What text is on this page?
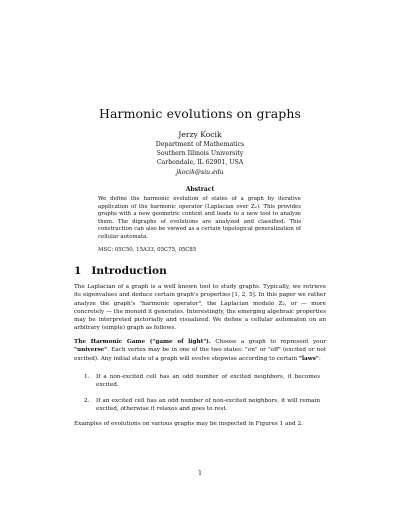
Harmonic evolutions on graphs
Jerzy Kocik
Department of Mathematics
Southern Illinois University
Carbondale, IL 62901, USA
jkocik@siu.edu
Abstract
We define the harmonic evolution of states of a graph by iterative application of the harmonic operator (Laplacian over Z₂). This provides graphs with a new geometric context and leads to a new tool to analyze them. The digraphs of evolutions are analyzed and classified. This construction can also be viewed as a certain topological generalization of cellular automata.
MSC: 05C50, 15A33, 05C75, 05C85
1 Introduction
The Laplacian of a graph is a well known tool to study graphs. Typically, we retrieve its eigenvalues and deduce certain graph's properties [1, 2, 5]. In this paper we rather analyze the graph's "harmonic operator", the Laplacian modulo Z₂, or — more concretely — the monoid it generates. Interestingly, the emerging algebraic properties may be interpreted pictorially and visualized. We define a cellular automaton on an arbitrary (simple) graph as follows.
The Harmonic Game ("game of light"). Choose a graph to represent your "universe". Each vertex may be in one of the two states: "on" or "off" (excited or not excited). Any initial state of a graph will evolve stepwise according to certain "laws":
1. If a non-excited cell has an odd number of excited neighbors, it becomes excited.
2. If an excited cell has an odd number of non-excited neighbors, it will remain excited, otherwise it relaxes and goes to rest.
Examples of evolutions on various graphs may be inspected in Figures 1 and 2.
1
